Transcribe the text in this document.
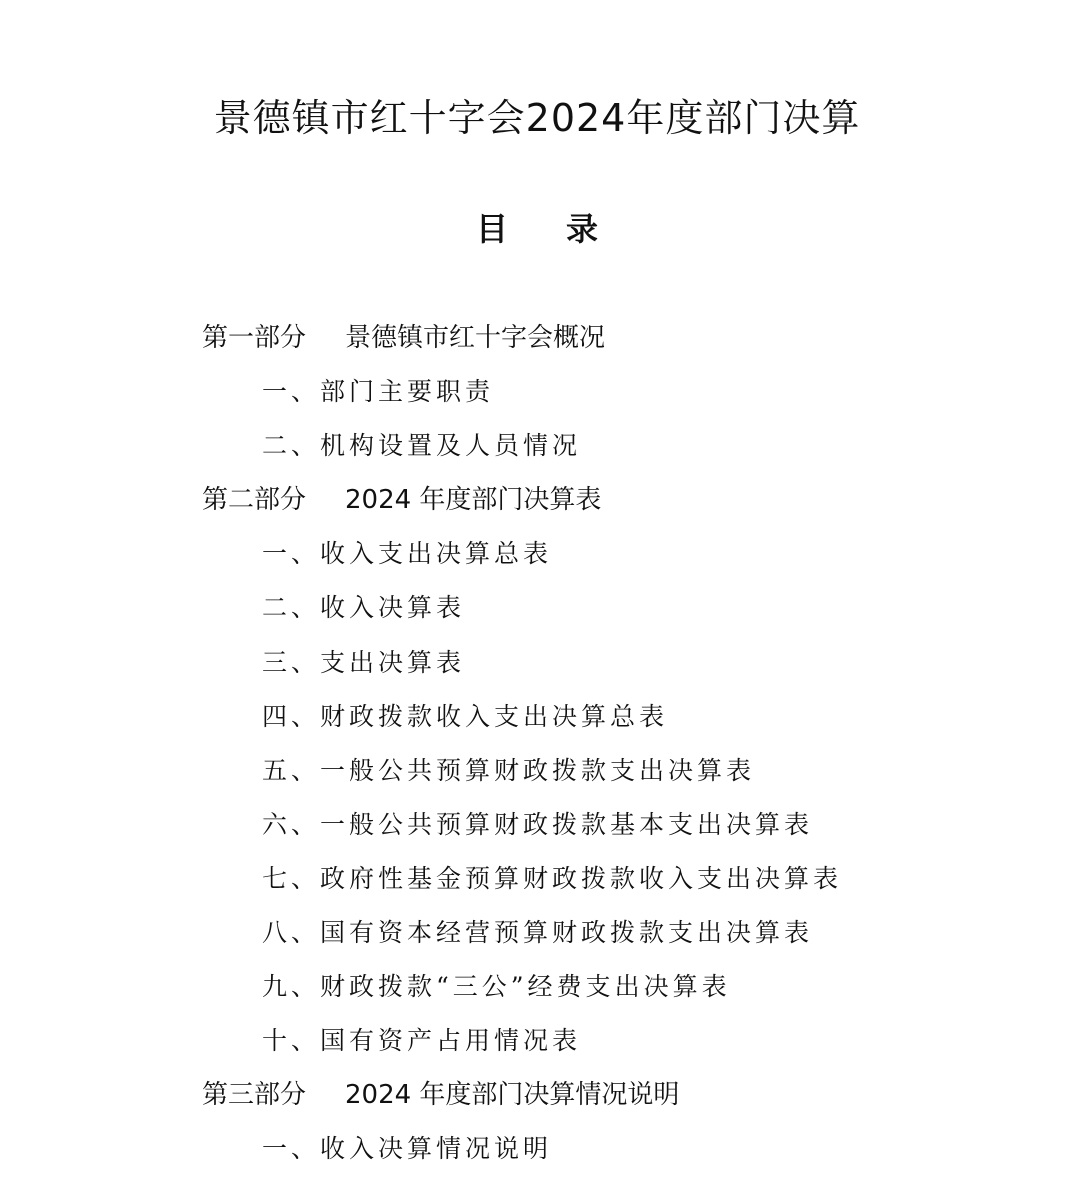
景德镇市红十字会2024年度部门决算
目 录
第一部分 景德镇市红十字会概况
一、部门主要职责
二、机构设置及人员情况
第二部分 2024 年度部门决算表
一、收入支出决算总表
二、收入决算表
三、支出决算表
四、财政拨款收入支出决算总表
五、一般公共预算财政拨款支出决算表
六、一般公共预算财政拨款基本支出决算表
七、政府性基金预算财政拨款收入支出决算表
八、国有资本经营预算财政拨款支出决算表
九、财政拨款“三公”经费支出决算表
十、国有资产占用情况表
第三部分 2024 年度部门决算情况说明
一、收入决算情况说明
